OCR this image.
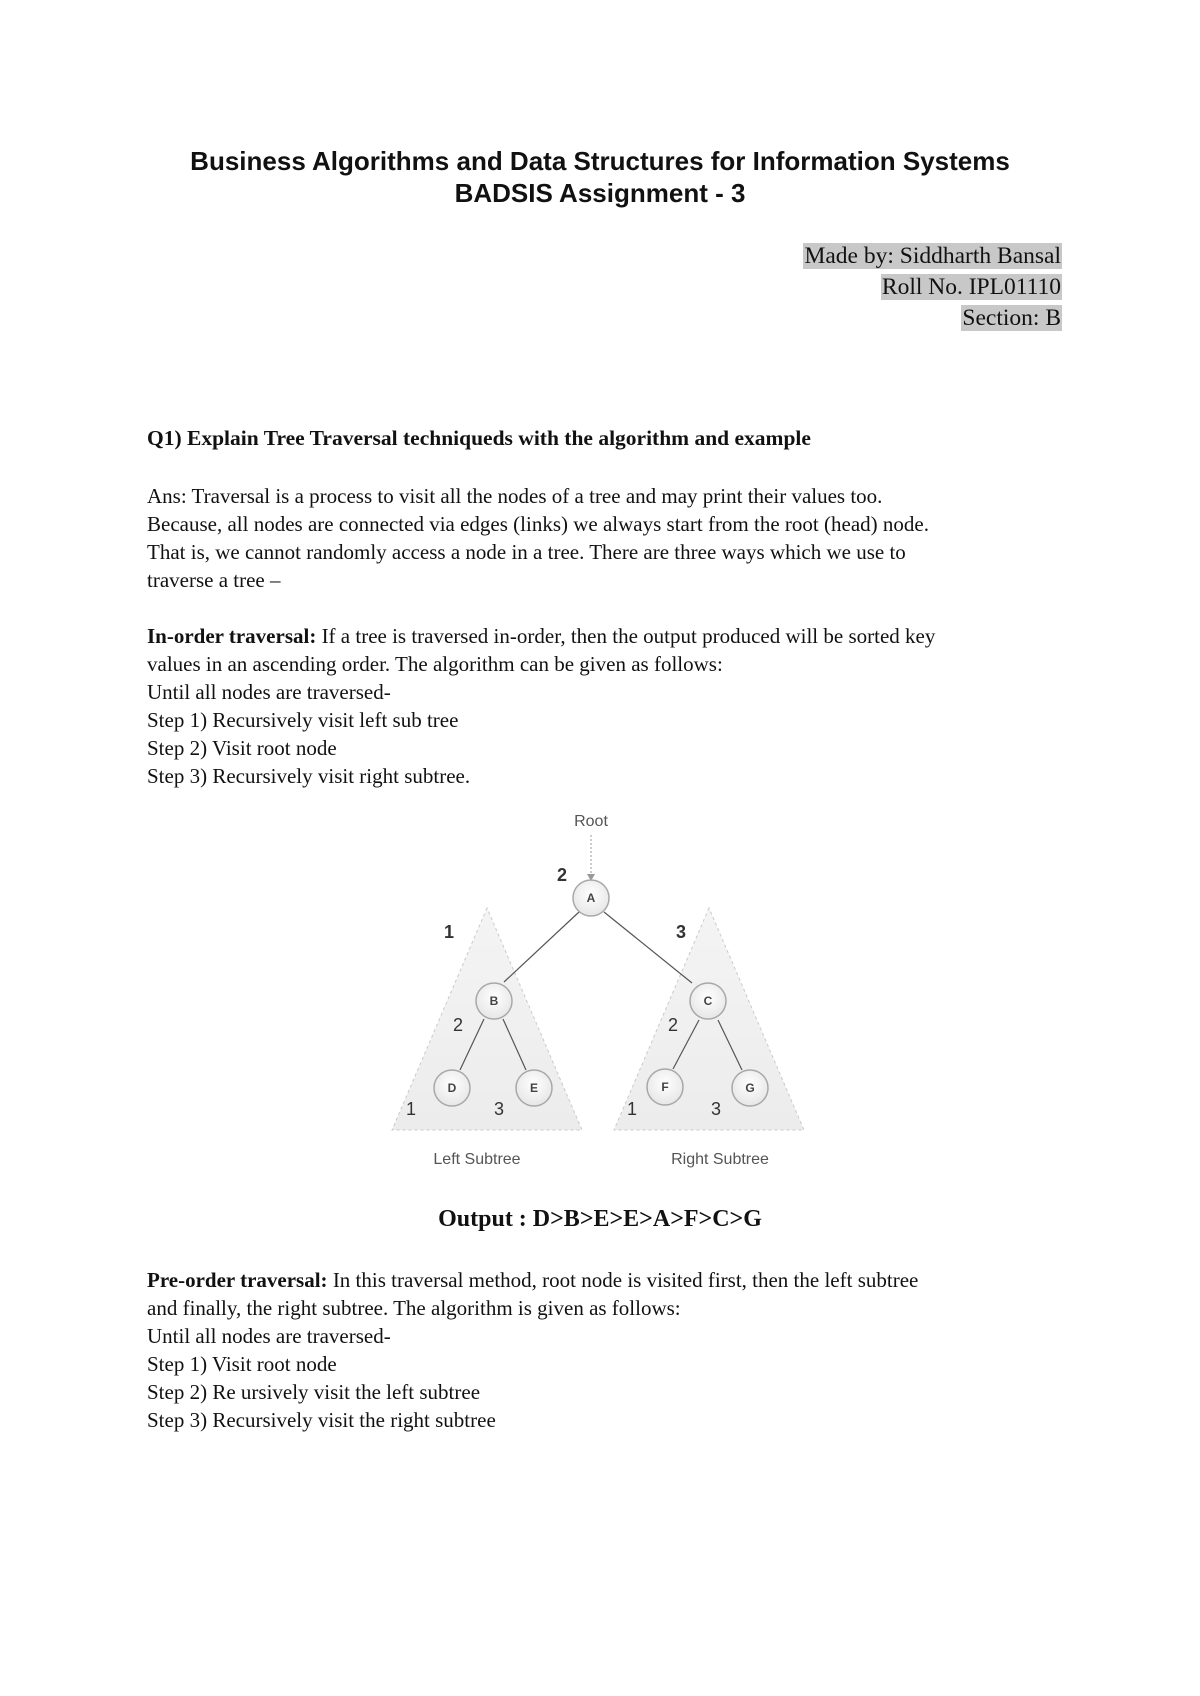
Business Algorithms and Data Structures for Information Systems
BADSIS Assignment - 3
Made by: Siddharth Bansal
Roll No. IPL01110
Section: B
Q1) Explain Tree Traversal techniqueds with the algorithm and example

Ans: Traversal is a process to visit all the nodes of a tree and may print their values too.

Because, all nodes are connected via edges (links) we always start from the root (head) node.

That is, we cannot randomly access a node in a tree. There are three ways which we use to

traverse a tree –

In-order traversal: If a tree is traversed in-order, then the output produced will be sorted key

values in an ascending order. The algorithm can be given as follows:

Until all nodes are traversed-

Step 1) Recursively visit left sub tree

Step 2) Visit root node

Step 3) Recursively visit right subtree.

Root
A
B	C
D	E	F	G
2
1	3
2	2
1	3	1	3
Left Subtree	Right Subtree
Output : D>B>E>E>A>F>C>G

Pre-order traversal: In this traversal method, root node is visited first, then the left subtree

and finally, the right subtree. The algorithm is given as follows:

Until all nodes are traversed-

Step 1) Visit root node

Step 2) Re ursively visit the left subtree

Step 3) Recursively visit the right subtree
